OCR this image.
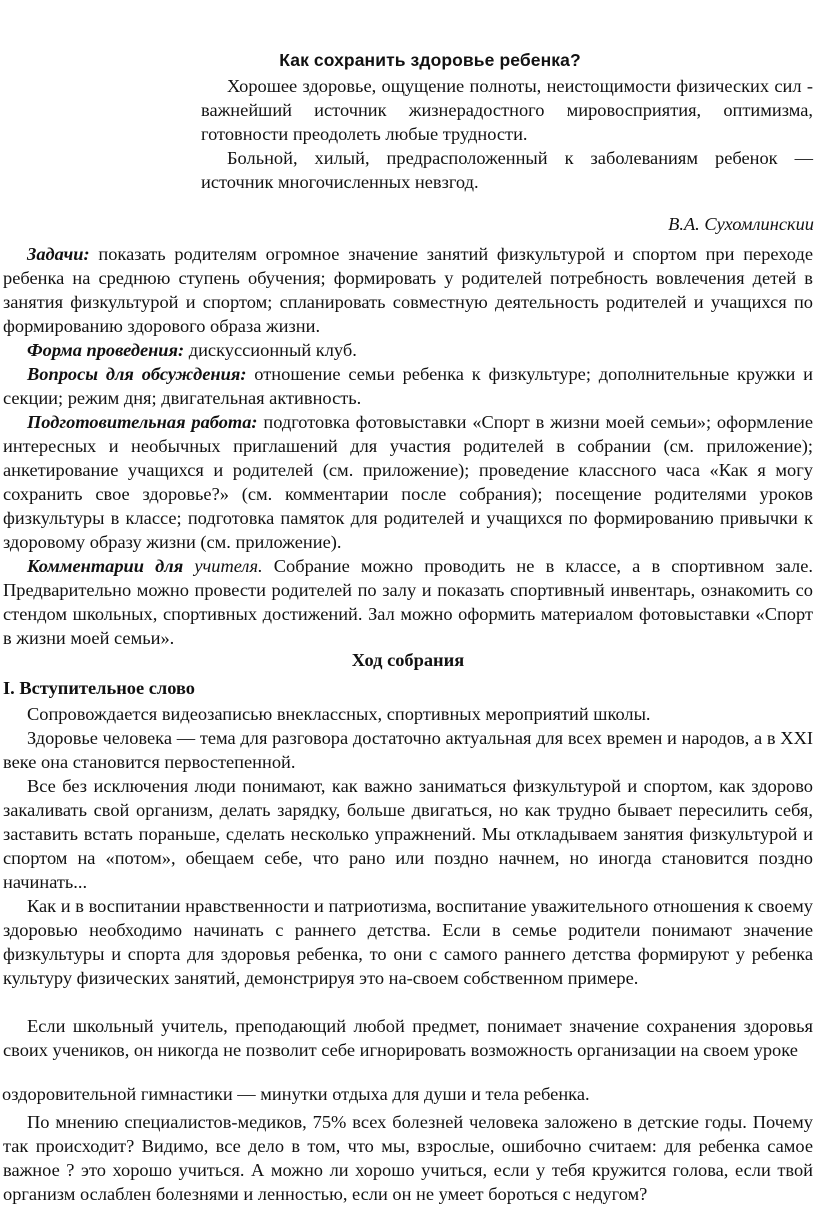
Как сохранить здоровье ребенка?
Хорошее здоровье, ощущение полноты, неистощимости физических сил - важнейший источник жизнерадостного мировосприятия, оптимизма, готовности преодолеть любые трудности.
Больной, хилый, предрасположенный к заболеваниям ребенок — источник многочисленных невзгод.
В.А. Сухомлинскии
Задачи: показать родителям огромное значение занятий физкультурой и спортом при переходе ребенка на среднюю ступень обучения; формировать у родителей потребность вовлечения детей в занятия физкультурой и спортом; спланировать совместную деятельность родителей и учащихся по формированию здорового образа жизни.
Форма проведения: дискуссионный клуб.
Вопросы для обсуждения: отношение семьи ребенка к физкультуре; дополнительные кружки и секции; режим дня; двигательная активность.
Подготовительная работа: подготовка фотовыставки «Спорт в жизни моей семьи»; оформление интересных и необычных приглашений для участия родителей в собрании (см. приложение); анкетирование учащихся и родителей (см. приложение); проведение классного часа «Как я могу сохранить свое здоровье?» (см. комментарии после собрания); посещение родителями уроков физкультуры в классе; подготовка памяток для родителей и учащихся по формированию привычки к здоровому образу жизни (см. приложение).
Комментарии для учителя. Собрание можно проводить не в классе, а в спортивном зале. Предварительно можно провести родителей по залу и показать спортивный инвентарь, ознакомить со стендом школьных, спортивных достижений. Зал можно оформить материалом фотовыставки «Спорт в жизни моей семьи».
Ход собрания
I. Вступительное слово
Сопровождается видеозаписью внеклассных, спортивных мероприятий школы.
Здоровье человека — тема для разговора достаточно актуальная для всех времен и народов, а в XXI веке она становится первостепенной.
Все без исключения люди понимают, как важно заниматься физкультурой и спортом, как здорово закаливать свой организм, делать зарядку, больше двигаться, но как трудно бывает пересилить себя, заставить встать пораньше, сделать несколько упражнений. Мы откладываем занятия физкультурой и спортом на «потом», обещаем себе, что рано или поздно начнем, но иногда становится поздно начинать...
Как и в воспитании нравственности и патриотизма, воспитание уважительного отношения к своему здоровью необходимо начинать с раннего детства. Если в семье родители понимают значение физкультуры и спорта для здоровья ребенка, то они с самого раннего детства формируют у ребенка культуру физических занятий, демонстрируя это на-своем собственном примере.
Если школьный учитель, преподающий любой предмет, понимает значение сохранения здоровья своих учеников, он никогда не позволит себе игнорировать возможность организации на своем уроке
оздоровительной гимнастики — минутки отдыха для души и тела ребенка.
По мнению специалистов-медиков, 75% всех болезней человека заложено в детские годы. Почему так происходит? Видимо, все дело в том, что мы, взрослые, ошибочно считаем: для ребенка самое важное ? это хорошо учиться. А можно ли хорошо учиться, если у тебя кружится голова, если твой организм ослаблен болезнями и ленностью, если он не умеет бороться с недугом?
